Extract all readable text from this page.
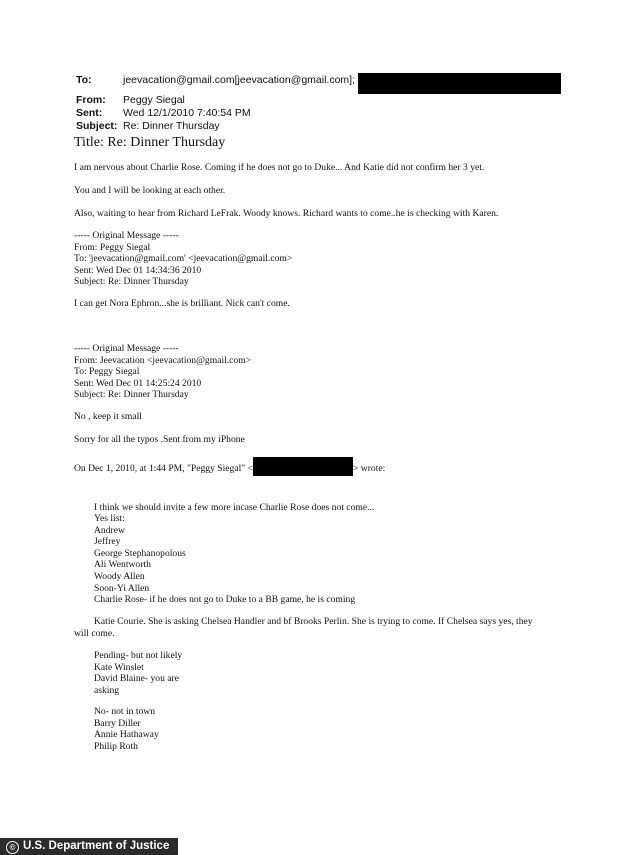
To:	jeevacation@gmail.com[jeevacation@gmail.com];
From:	Peggy Siegal
Sent:	Wed 12/1/2010 7:40:54 PM
Subject: Re: Dinner Thursday
Title: Re: Dinner Thursday
I am nervous about Charlie Rose. Coming if he does not go to Duke... And Katie did not confirm her 3 yet.
You and I will be looking at each other.
Also, waiting to hear from Richard LeFrak. Woody knows. Richard wants to come..he is checking with Karen.
----- Original Message -----
From: Peggy Siegal
To: 'jeevacation@gmail.com' <jeevacation@gmail.com>
Sent: Wed Dec 01 14:34:36 2010
Subject: Re: Dinner Thursday
I can get Nora Ephron...she is brilliant. Nick can't come.
----- Original Message -----
From: Jeevacation <jeevacation@gmail.com>
To: Peggy Siegal
Sent: Wed Dec 01 14:25:24 2010
Subject: Re: Dinner Thursday
No , keep it small
Sorry for all the typos .Sent from my iPhone
On Dec 1, 2010, at 1:44 PM, "Peggy Siegal" <	> wrote:
I think we should invite a few more incase Charlie Rose does not come...
Yes list:
Andrew
Jeffrey
George Stephanopolous
Ali Wentworth
Woody Allen
Soon-Yi Allen
Charlie Rose- if he does not go to Duke to a BB game, he is coming
Katie Courie. She is asking Chelsea Handler and bf Brooks Perlin. She is trying to come. If Chelsea says yes, they
will come.
Pending- but not likely
Kate Winslet
David Blaine- you are
asking
No- not in town
Barry Diller
Annie Hathaway
Philip Roth
© U.S. Department of Justice
